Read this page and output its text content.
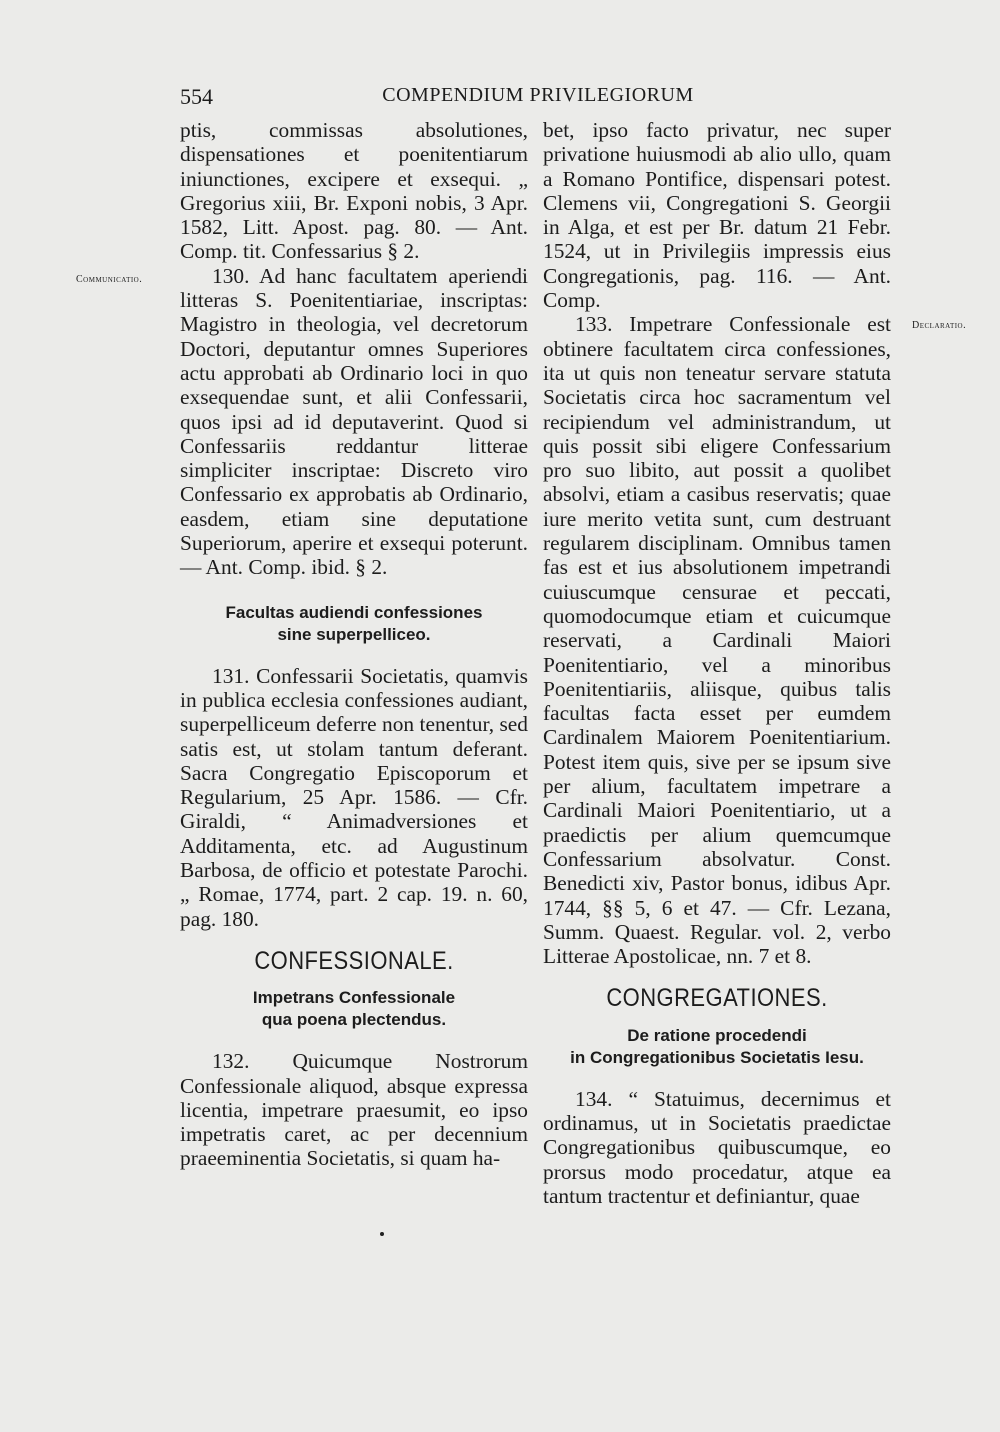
554	COMPENDIUM PRIVILEGIORUM
Communicatio.
Declaratio.

ptis, commissas absolutiones, dispensationes et poenitentiarum iniunctiones, excipere et exsequi. „ Gregorius xiii, Br. Exponi nobis, 3 Apr. 1582, Litt. Apost. pag. 80. — Ant. Comp. tit. Confessarius § 2.

130. Ad hanc facultatem aperiendi litteras S. Poenitentiariae, inscriptas: Magistro in theologia, vel decretorum Doctori, deputantur omnes Superiores actu approbati ab Ordinario loci in quo exsequendae sunt, et alii Confessarii, quos ipsi ad id deputaverint. Quod si Confessariis reddantur litterae simpliciter inscriptae: Discreto viro Confessario ex approbatis ab Ordinario, easdem, etiam sine deputatione Superiorum, aperire et exsequi poterunt. — Ant. Comp. ibid. § 2.

Facultas audiendi confessiones
sine superpelliceo.

131. Confessarii Societatis, quamvis in publica ecclesia confessiones audiant, superpelliceum deferre non tenentur, sed satis est, ut stolam tantum deferant. Sacra Congregatio Episcoporum et Regularium, 25 Apr. 1586. — Cfr. Giraldi, “ Animadversiones et Additamenta, etc. ad Augustinum Barbosa, de officio et potestate Parochi. „ Romae, 1774, part. 2 cap. 19. n. 60, pag. 180.

CONFESSIONALE.
Impetrans Confessionale
qua poena plectendus.

132. Quicumque Nostrorum Confessionale aliquod, absque expressa licentia, impetrare praesumit, eo ipso impetratis caret, ac per decennium praeeminentia Societatis, si quam ha-

bet, ipso facto privatur, nec super privatione huiusmodi ab alio ullo, quam a Romano Pontifice, dispensari potest. Clemens vii, Congregationi S. Georgii in Alga, et est per Br. datum 21 Febr. 1524, ut in Privilegiis impressis eius Congregationis, pag. 116. — Ant. Comp.

133. Impetrare Confessionale est obtinere facultatem circa confessiones, ita ut quis non teneatur servare statuta Societatis circa hoc sacramentum vel recipiendum vel administrandum, ut quis possit sibi eligere Confessarium pro suo libito, aut possit a quolibet absolvi, etiam a casibus reservatis; quae iure merito vetita sunt, cum destruant regularem disciplinam. Omnibus tamen fas est et ius absolutionem impetrandi cuiuscumque censurae et peccati, quomodocumque etiam et cuicumque reservati, a Cardinali Maiori Poenitentiario, vel a minoribus Poenitentiariis, aliisque, quibus talis facultas facta esset per eumdem Cardinalem Maiorem Poenitentiarium. Potest item quis, sive per se ipsum sive per alium, facultatem impetrare a Cardinali Maiori Poenitentiario, ut a praedictis per alium quemcumque Confessarium absolvatur. Const. Benedicti xiv, Pastor bonus, idibus Apr. 1744, §§ 5, 6 et 47. — Cfr. Lezana, Summ. Quaest. Regular. vol. 2, verbo Litterae Apostolicae, nn. 7 et 8.

CONGREGATIONES.
De ratione procedendi
in Congregationibus Societatis Iesu.

134. “ Statuimus, decernimus et ordinamus, ut in Societatis praedictae Congregationibus quibuscumque, eo prorsus modo procedatur, atque ea tantum tractentur et definiantur, quae
